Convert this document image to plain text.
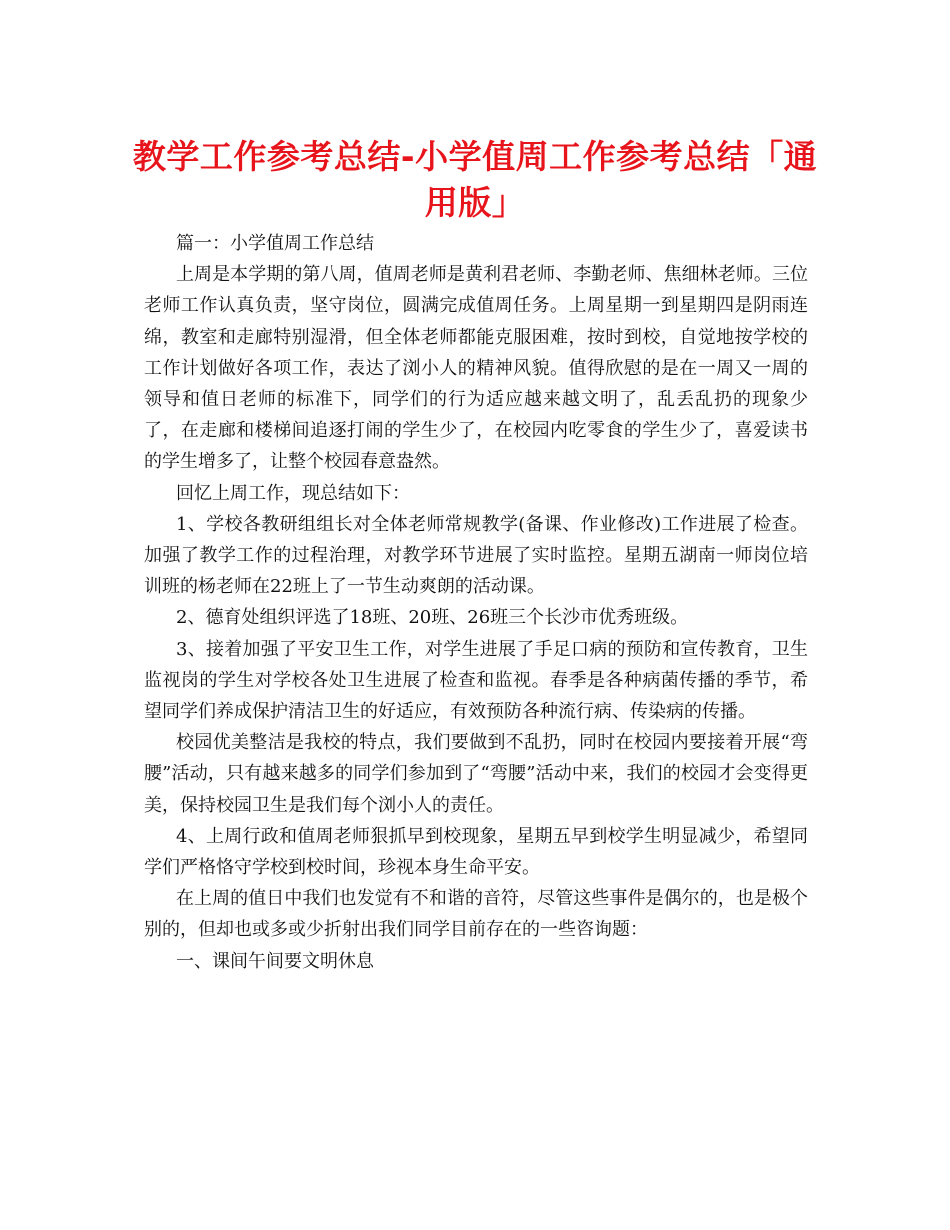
教学工作参考总结-小学值周工作参考总结「通用版」

篇一：小学值周工作总结

上周是本学期的第八周，值周老师是黄利君老师、李勤老师、焦细林老师。三位老师工作认真负责，坚守岗位，圆满完成值周任务。上周星期一到星期四是阴雨连绵，教室和走廊特别湿滑，但全体老师都能克服困难，按时到校，自觉地按学校的工作计划做好各项工作，表达了浏小人的精神风貌。值得欣慰的是在一周又一周的领导和值日老师的标准下，同学们的行为适应越来越文明了，乱丢乱扔的现象少了，在走廊和楼梯间追逐打闹的学生少了，在校园内吃零食的学生少了，喜爱读书的学生增多了，让整个校园春意盎然。

回忆上周工作，现总结如下：

1、学校各教研组组长对全体老师常规教学(备课、作业修改)工作进展了检查。加强了教学工作的过程治理，对教学环节进展了实时监控。星期五湖南一师岗位培训班的杨老师在22班上了一节生动爽朗的活动课。

2、德育处组织评选了18班、20班、26班三个长沙市优秀班级。

3、接着加强了平安卫生工作，对学生进展了手足口病的预防和宣传教育，卫生监视岗的学生对学校各处卫生进展了检查和监视。春季是各种病菌传播的季节，希望同学们养成保护清洁卫生的好适应，有效预防各种流行病、传染病的传播。

校园优美整洁是我校的特点，我们要做到不乱扔，同时在校园内要接着开展“弯腰”活动，只有越来越多的同学们参加到了“弯腰”活动中来，我们的校园才会变得更美，保持校园卫生是我们每个浏小人的责任。

4、上周行政和值周老师狠抓早到校现象，星期五早到校学生明显减少，希望同学们严格恪守学校到校时间，珍视本身生命平安。

在上周的值日中我们也发觉有不和谐的音符，尽管这些事件是偶尔的，也是极个别的，但却也或多或少折射出我们同学目前存在的一些咨询题：

一、课间午间要文明休息
